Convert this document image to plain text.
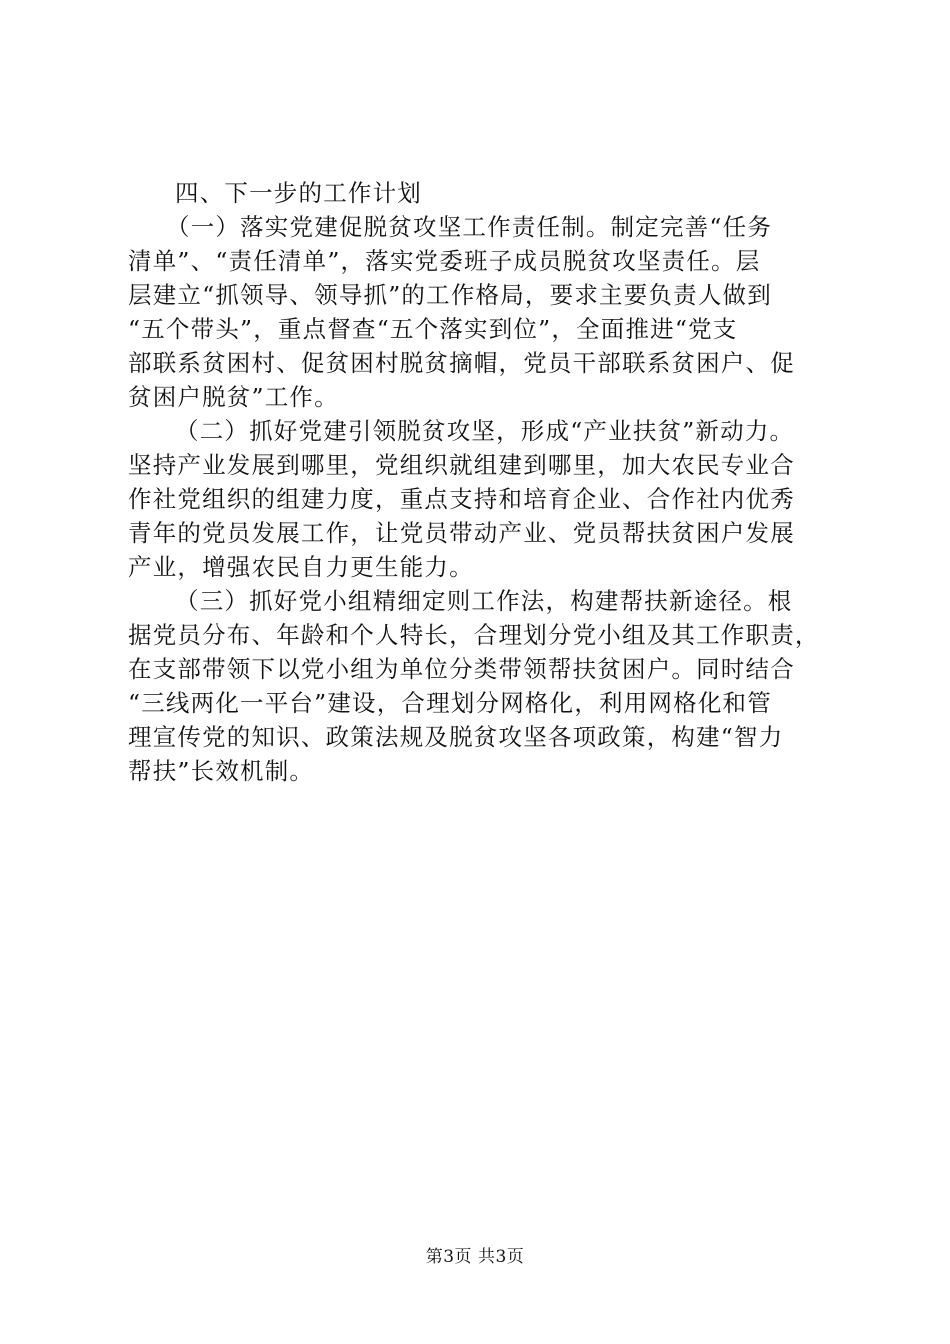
四、下一步的工作计划
（一）落实党建促脱贫攻坚工作责任制。制定完善“任务
清单”、“责任清单”，落实党委班子成员脱贫攻坚责任。层
层建立“抓领导、领导抓”的工作格局，要求主要负责人做到
“五个带头”，重点督查“五个落实到位”，全面推进“党支
部联系贫困村、促贫困村脱贫摘帽，党员干部联系贫困户、促
贫困户脱贫”工作。
（二）抓好党建引领脱贫攻坚，形成“产业扶贫”新动力。
坚持产业发展到哪里，党组织就组建到哪里，加大农民专业合
作社党组织的组建力度，重点支持和培育企业、合作社内优秀
青年的党员发展工作，让党员带动产业、党员帮扶贫困户发展
产业，增强农民自力更生能力。
（三）抓好党小组精细定则工作法，构建帮扶新途径。根
据党员分布、年龄和个人特长，合理划分党小组及其工作职责，
在支部带领下以党小组为单位分类带领帮扶贫困户。同时结合
“三线两化一平台”建设，合理划分网格化，利用网格化和管
理宣传党的知识、政策法规及脱贫攻坚各项政策，构建“智力
帮扶”长效机制。
第3页 共3页
